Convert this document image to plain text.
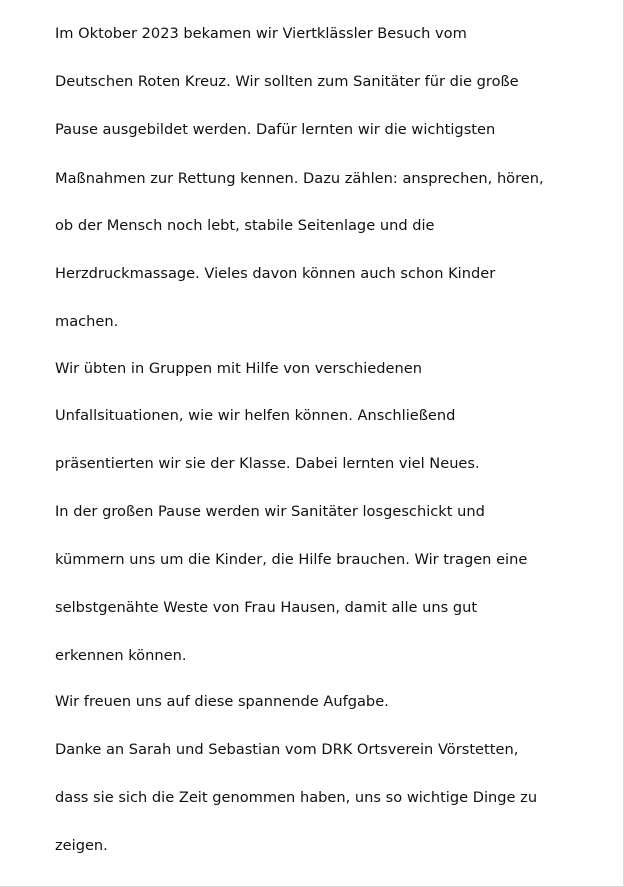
Im Oktober 2023 bekamen wir Viertklässler Besuch vom

Deutschen Roten Kreuz. Wir sollten zum Sanitäter für die große

Pause ausgebildet werden. Dafür lernten wir die wichtigsten

Maßnahmen zur Rettung kennen. Dazu zählen: ansprechen, hören,

ob der Mensch noch lebt, stabile Seitenlage und die

Herzdruckmassage. Vieles davon können auch schon Kinder

machen.

Wir übten in Gruppen mit Hilfe von verschiedenen

Unfallsituationen, wie wir helfen können. Anschließend

präsentierten wir sie der Klasse. Dabei lernten viel Neues.

In der großen Pause werden wir Sanitäter losgeschickt und

kümmern uns um die Kinder, die Hilfe brauchen. Wir tragen eine

selbstgenähte Weste von Frau Hausen, damit alle uns gut

erkennen können.

Wir freuen uns auf diese spannende Aufgabe.

Danke an Sarah und Sebastian vom DRK Ortsverein Vörstetten,

dass sie sich die Zeit genommen haben, uns so wichtige Dinge zu

zeigen.
